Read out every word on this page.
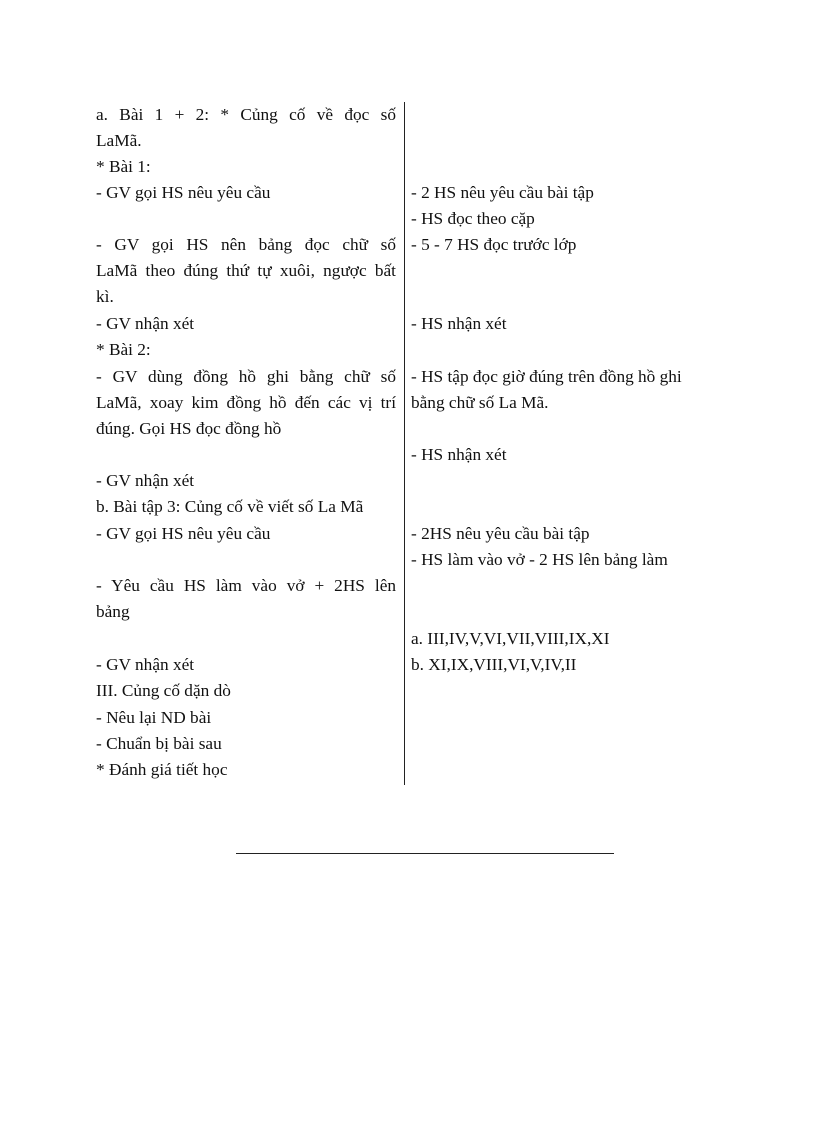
a. Bài 1 + 2: * Củng cố về đọc số
LaMã.
* Bài 1:
- GV gọi HS nêu yêu cầu
- GV gọi HS nên bảng đọc chữ số
LaMã theo đúng thứ tự xuôi, ngược bất
kì.
- GV nhận xét
* Bài 2:
- GV dùng đồng hồ ghi bằng chữ số
LaMã, xoay kim đồng hồ đến các vị trí
đúng. Gọi HS đọc đồng hồ
- GV nhận xét
b. Bài tập 3: Củng cố về viết số La Mã
- GV gọi HS nêu yêu cầu
- Yêu cầu HS làm vào vở + 2HS lên
bảng
- GV nhận xét
III. Củng cố dặn dò
- Nêu lại ND bài
- Chuẩn bị bài sau
* Đánh giá tiết học
- 2 HS nêu yêu cầu bài tập
- HS đọc theo cặp
- 5 - 7 HS đọc trước lớp
- HS nhận xét
- HS tập đọc giờ đúng trên đồng hồ ghi
bằng chữ số La Mã.
- HS nhận xét
- 2HS nêu yêu cầu bài tập
- HS làm vào vở - 2 HS lên bảng làm
a. III,IV,V,VI,VII,VIII,IX,XI
b. XI,IX,VIII,VI,V,IV,II
